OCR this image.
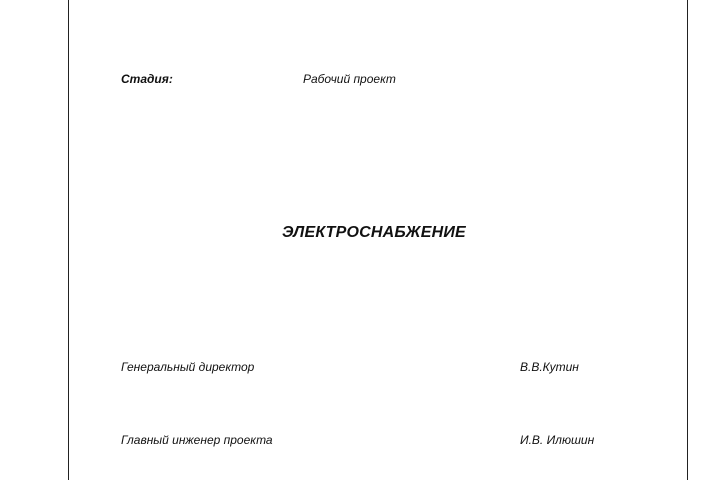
Стадия:	Рабочий проект
ЭЛЕКТРОСНАБЖЕНИЕ
Генеральный директор	В.В.Кутин
Главный инженер проекта	И.В. Илюшин
